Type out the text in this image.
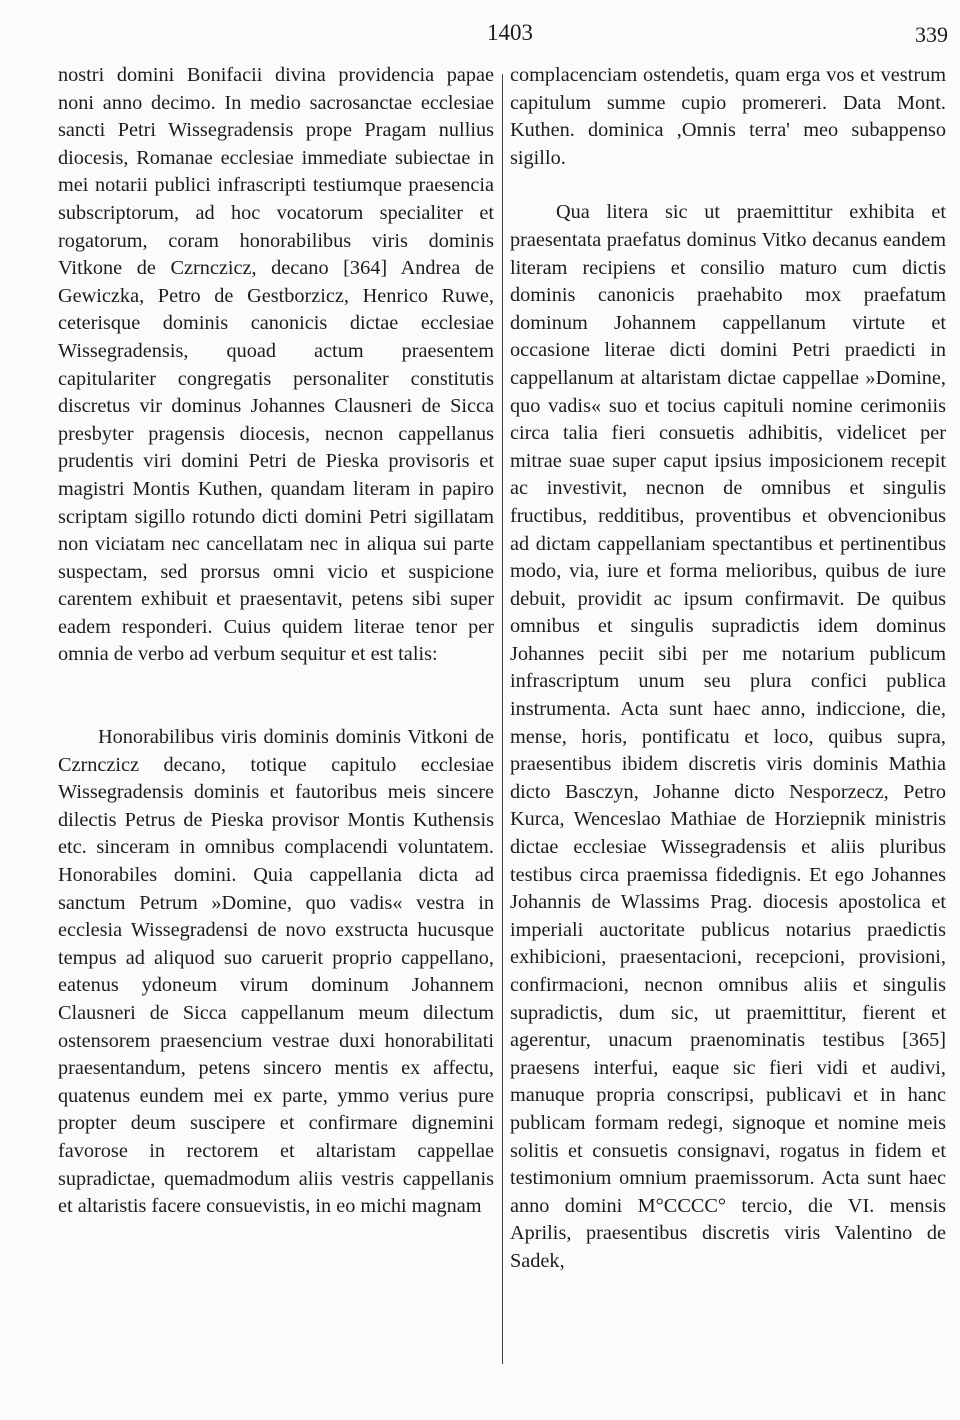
1403	339

nostri domini Bonifacii divina providencia papae noni anno decimo. In medio sacrosanctae ecclesiae sancti Petri Wissegradensis prope Pragam nullius diocesis, Romanae ecclesiae immediate subiectae in mei notarii publici infrascripti testiumque praesencia subscriptorum, ad hoc vocatorum specialiter et rogatorum, coram honorabilibus viris dominis Vitkone de Czrnczicz, decano [364] Andrea de Gewiczka, Petro de Gestborzicz, Henrico Ruwe, ceterisque dominis canonicis dictae ecclesiae Wissegradensis, quoad actum praesentem capitulariter congregatis personaliter constitutis discretus vir dominus Johannes Clausneri de Sicca presbyter pragensis diocesis, necnon cappellanus prudentis viri domini Petri de Pieska provisoris et magistri Montis Kuthen, quandam literam in papiro scriptam sigillo rotundo dicti domini Petri sigillatam non viciatam nec cancellatam nec in aliqua sui parte suspectam, sed prorsus omni vicio et suspicione carentem exhibuit et praesentavit, petens sibi super eadem responderi. Cuius quidem literae tenor per omnia de verbo ad verbum sequitur et est talis:

Honorabilibus viris dominis dominis Vitkoni de Czrnczicz decano, totique capitulo ecclesiae Wissegradensis dominis et fautoribus meis sincere dilectis Petrus de Pieska provisor Montis Kuthensis etc. sinceram in omnibus complacendi voluntatem. Honorabiles domini. Quia cappellania dicta ad sanctum Petrum »Domine, quo vadis« vestra in ecclesia Wissegradensi de novo exstructa hucusque tempus ad aliquod suo caruerit proprio cappellano, eatenus ydoneum virum dominum Johannem Clausneri de Sicca cappellanum meum dilectum ostensorem praesencium vestrae duxi honorabilitati praesentandum, petens sincero mentis ex affectu, quatenus eundem mei ex parte, ymmo verius pure propter deum suscipere et confirmare dignemini favorose in rectorem et altaristam cappellae supradictae, quemadmodum aliis vestris cappellanis et altaristis facere consuevistis, in eo michi magnam

complacenciam ostendetis, quam erga vos et vestrum capitulum summe cupio promereri. Data Mont. Kuthen. dominica ,Omnis terra' meo subappenso sigillo.

Qua litera sic ut praemittitur exhibita et praesentata praefatus dominus Vitko decanus eandem literam recipiens et consilio maturo cum dictis dominis canonicis praehabito mox praefatum dominum Johannem cappellanum virtute et occasione literae dicti domini Petri praedicti in cappellanum at altaristam dictae cappellae »Domine, quo vadis« suo et tocius capituli nomine cerimoniis circa talia fieri consuetis adhibitis, videlicet per mitrae suae super caput ipsius imposicionem recepit ac investivit, necnon de omnibus et singulis fructibus, redditibus, proventibus et obvencionibus ad dictam cappellaniam spectantibus et pertinentibus modo, via, iure et forma melioribus, quibus de iure debuit, providit ac ipsum confirmavit. De quibus omnibus et singulis supradictis idem dominus Johannes peciit sibi per me notarium publicum infrascriptum unum seu plura confici publica instrumenta. Acta sunt haec anno, indiccione, die, mense, horis, pontificatu et loco, quibus supra, praesentibus ibidem discretis viris dominis Mathia dicto Basczyn, Johanne dicto Nesporzecz, Petro Kurca, Wenceslao Mathiae de Horziepnik ministris dictae ecclesiae Wissegradensis et aliis pluribus testibus circa praemissa fidedignis. Et ego Johannes Johannis de Wlassims Prag. diocesis apostolica et imperiali auctoritate publicus notarius praedictis exhibicioni, praesentacioni, recepcioni, provisioni, confirmacioni, necnon omnibus aliis et singulis supradictis, dum sic, ut praemittitur, fierent et agerentur, unacum praenominatis testibus [365] praesens interfui, eaque sic fieri vidi et audivi, manuque propria conscripsi, publicavi et in hanc publicam formam redegi, signoque et nomine meis solitis et consuetis consignavi, rogatus in fidem et testimonium omnium praemissorum. Acta sunt haec anno domini M°CCCC° tercio, die VI. mensis Aprilis, praesentibus discretis viris Valentino de Sadek,
